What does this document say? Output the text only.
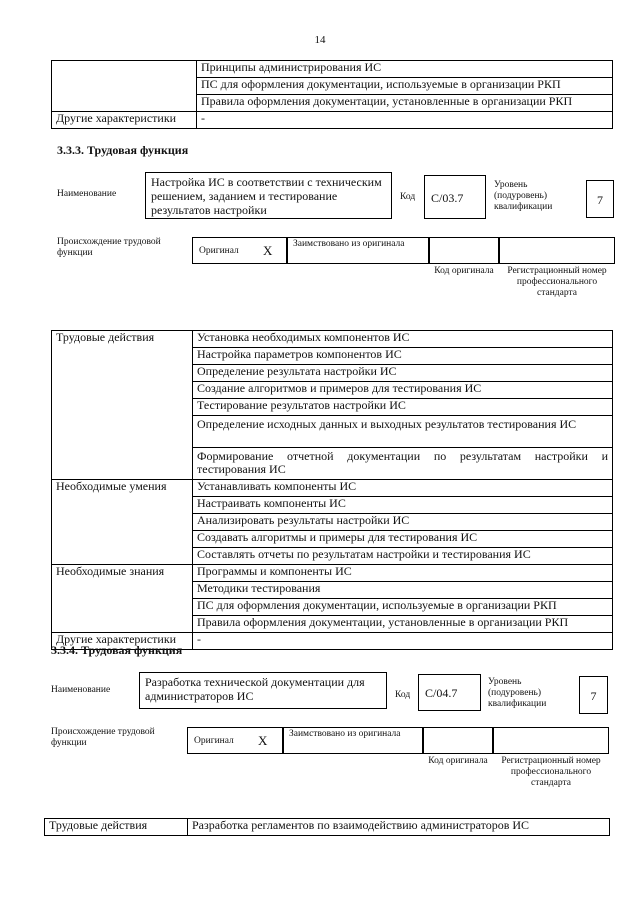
14
	Принципы администрирования ИС
	ПС для оформления документации, используемые в организации РКП
	Правила оформления документации, установленные в организации РКП
Другие характеристики	-
3.3.3. Трудовая функция
Наименование
Настройка ИС в соответствии с техническим решением, заданием и тестирование результатов настройки
Код	С/03.7
Уровень (подуровень) квалификации	7
Происхождение трудовой функции	Оригинал X	Заимствовано из оригинала
Код оригинала	Регистрационный номер профессионального стандарта
Трудовые действия	Установка необходимых компонентов ИС
	Настройка параметров компонентов ИС
	Определение результата настройки ИС
	Создание алгоритмов и примеров для тестирования ИС
	Тестирование результатов настройки ИС
	Определение исходных данных и выходных результатов тестирования ИС
	Формирование отчетной документации по результатам настройки и тестирования ИС
Необходимые умения	Устанавливать компоненты ИС
	Настраивать компоненты ИС
	Анализировать результаты настройки ИС
	Создавать алгоритмы и примеры для тестирования ИС
	Составлять отчеты по результатам настройки и тестирования ИС
Необходимые знания	Программы и компоненты ИС
	Методики тестирования
	ПС для оформления документации, используемые в организации РКП
	Правила оформления документации, установленные в организации РКП
Другие характеристики	-
3.3.4. Трудовая функция
Наименование
Разработка технической документации для администраторов ИС	Код	С/04.7
Уровень (подуровень) квалификации
7
Происхождение трудовой функции	Оригинал X	Заимствовано из оригинала
Код оригинала	Регистрационный номер профессионального стандарта
Трудовые действия	Разработка регламентов по взаимодействию администраторов ИС
